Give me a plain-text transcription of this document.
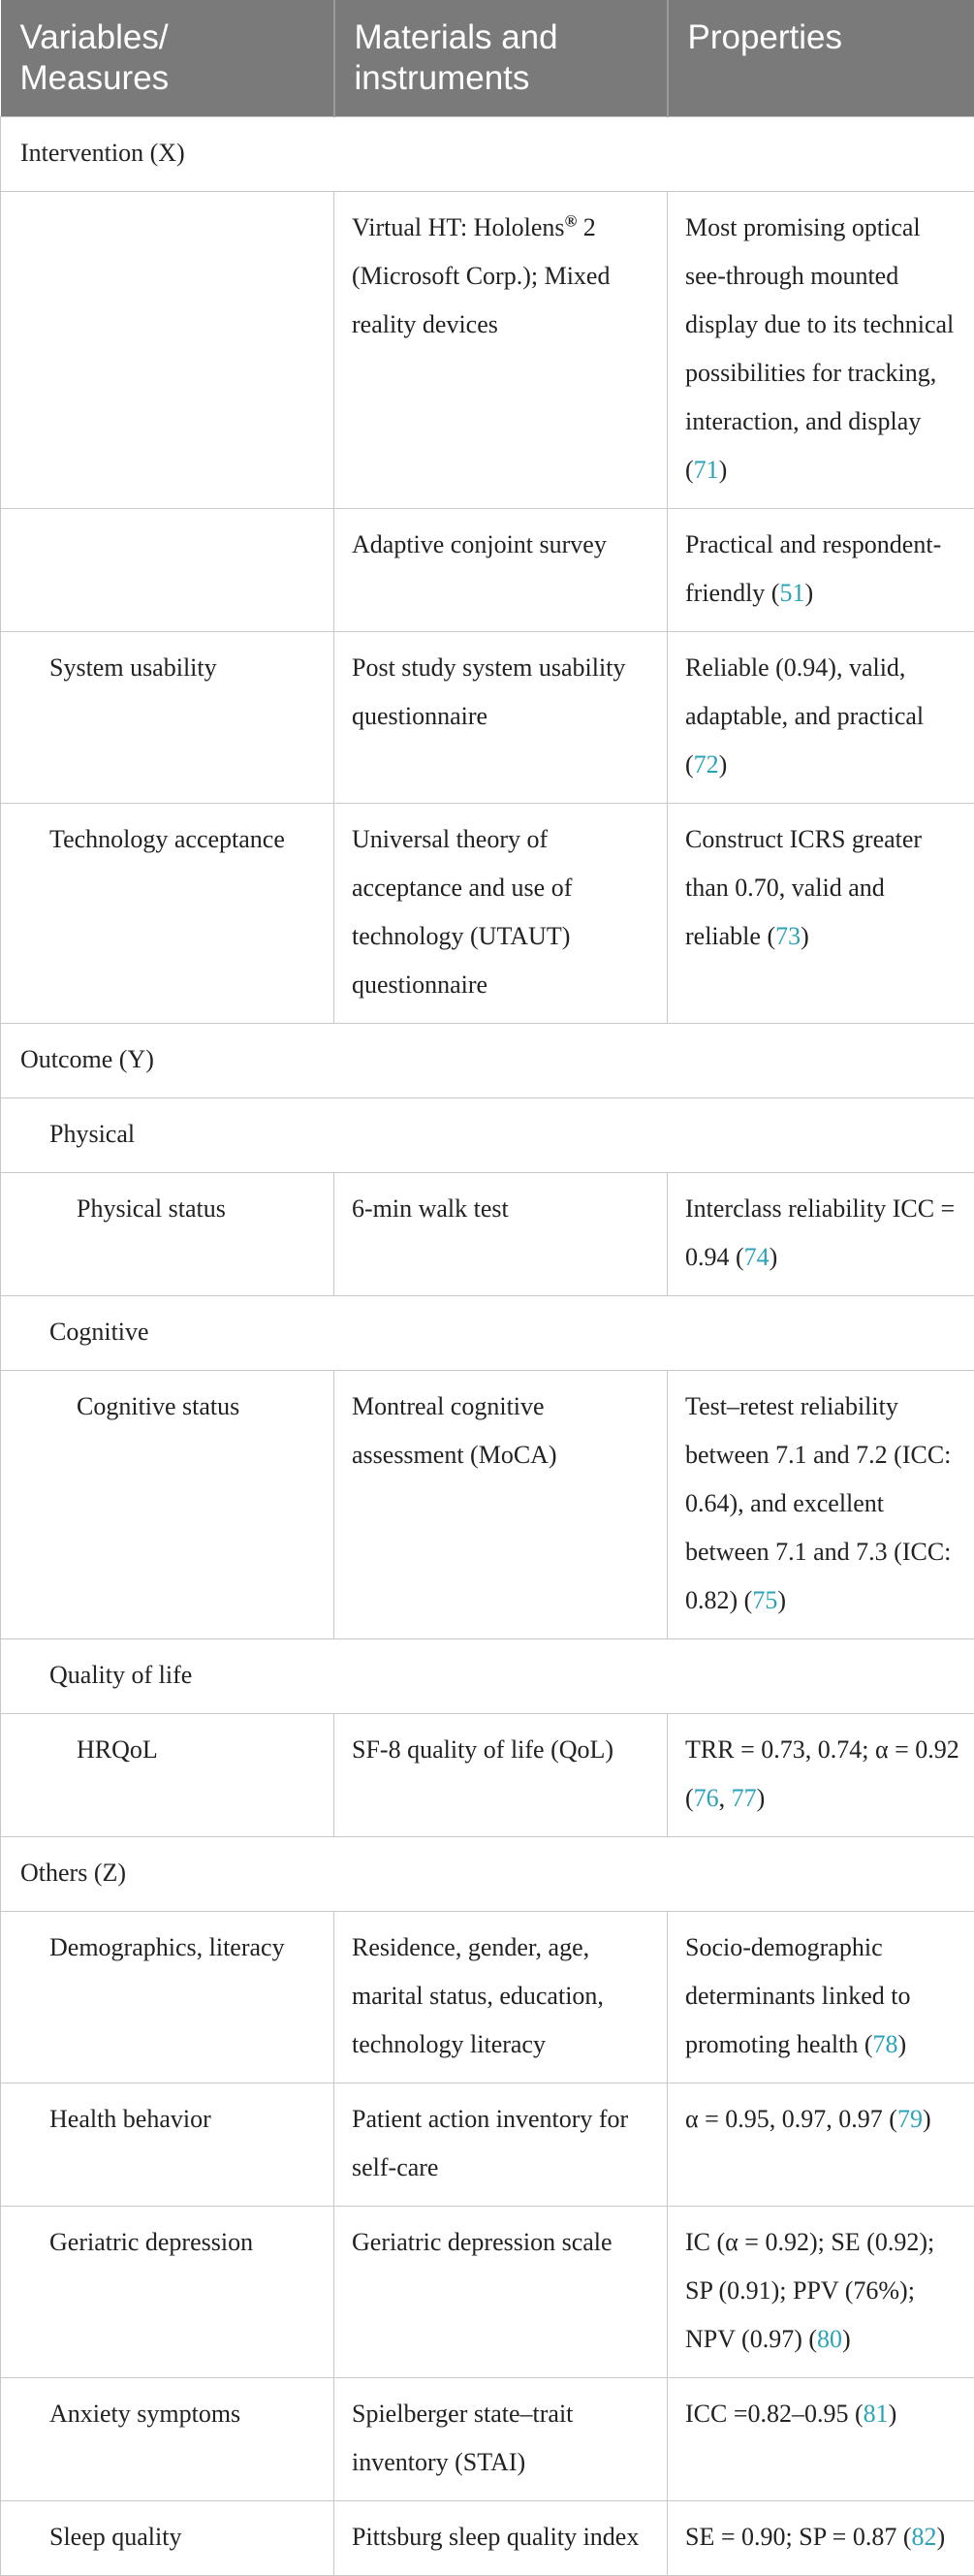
Variables/ Measures	Materials and instruments	Properties
Intervention (X)		
	Virtual HT: Hololens® 2 (Microsoft Corp.); Mixed reality devices	Most promising optical see-through mounted display due to its technical possibilities for tracking, interaction, and display (71)
	Adaptive conjoint survey	Practical and respondent-friendly (51)
System usability	Post study system usability questionnaire	Reliable (0.94), valid, adaptable, and practical (72)
Technology acceptance	Universal theory of acceptance and use of technology (UTAUT) questionnaire	Construct ICRS greater than 0.70, valid and reliable (73)
Outcome (Y)		
Physical		
Physical status	6-min walk test	Interclass reliability ICC = 0.94 (74)
Cognitive		
Cognitive status	Montreal cognitive assessment (MoCA)	Test–retest reliability between 7.1 and 7.2 (ICC: 0.64), and excellent between 7.1 and 7.3 (ICC: 0.82) (75)
Quality of life		
HRQoL	SF-8 quality of life (QoL)	TRR = 0.73, 0.74; α = 0.92 (76, 77)
Others (Z)		
Demographics, literacy	Residence, gender, age, marital status, education, technology literacy	Socio-demographic determinants linked to promoting health (78)
Health behavior	Patient action inventory for self-care	α = 0.95, 0.97, 0.97 (79)
Geriatric depression	Geriatric depression scale	IC (α = 0.92); SE (0.92); SP (0.91); PPV (76%); NPV (0.97) (80)
Anxiety symptoms	Spielberger state–trait inventory (STAI)	ICC =0.82–0.95 (81)
Sleep quality	Pittsburg sleep quality index	SE = 0.90; SP = 0.87 (82)
